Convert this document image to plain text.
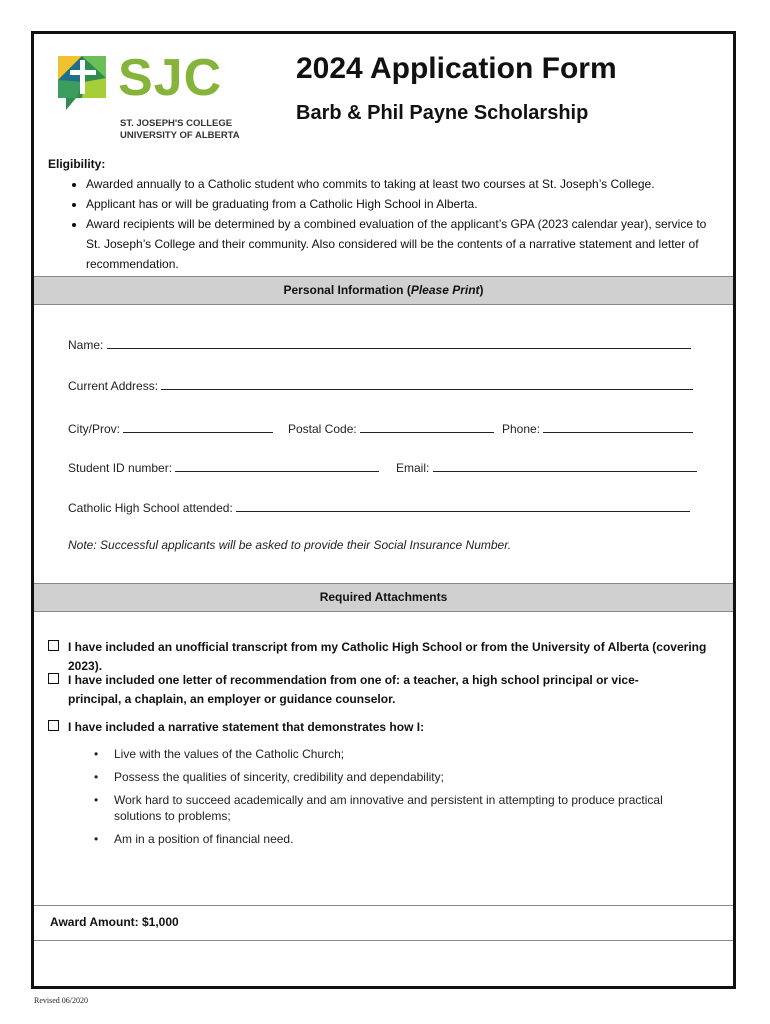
SJC
ST. JOSEPH'S COLLEGE
UNIVERSITY OF ALBERTA
2024 Application Form
Barb & Phil Payne Scholarship
Eligibility:
• Awarded annually to a Catholic student who commits to taking at least two courses at St. Joseph’s College.
• Applicant has or will be graduating from a Catholic High School in Alberta.
• Award recipients will be determined by a combined evaluation of the applicant’s GPA (2023 calendar year), service to St. Joseph’s College and their community. Also considered will be the contents of a narrative statement and letter of recommendation.
Personal Information (Please Print)
Name:
Current Address:
City/Prov:	Postal Code:	Phone:
Student ID number:	Email:
Catholic High School attended:
Note: Successful applicants will be asked to provide their Social Insurance Number.
Required Attachments
I have included an unofficial transcript from my Catholic High School or from the University of Alberta (covering 2023).
I have included one letter of recommendation from one of: a teacher, a high school principal or vice-principal, a chaplain, an employer or guidance counselor.
I have included a narrative statement that demonstrates how I:
• Live with the values of the Catholic Church;
• Possess the qualities of sincerity, credibility and dependability;
• Work hard to succeed academically and am innovative and persistent in attempting to produce practical solutions to problems;
• Am in a position of financial need.
Award Amount: $1,000
Revised 06/2020
